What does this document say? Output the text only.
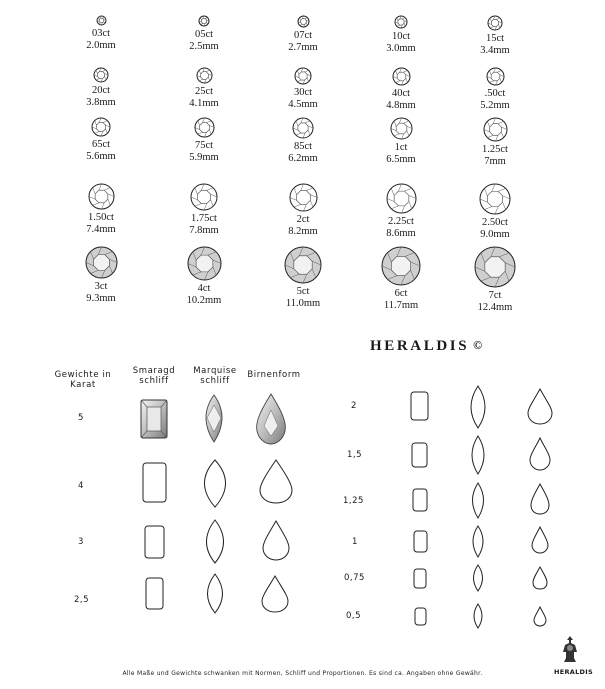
03ct
2.0mm
05ct
2.5mm
07ct
2.7mm
10ct
3.0mm
15ct
3.4mm
20ct
3.8mm
25ct
4.1mm
30ct
4.5mm
40ct
4.8mm
.50ct
5.2mm
65ct
5.6mm
75ct
5.9mm
85ct
6.2mm
1ct
6.5mm
1.25ct
7mm
1.50ct
7.4mm
1.75ct
7.8mm
2ct
8.2mm
2.25ct
8.6mm
2.50ct
9.0mm
3ct
9.3mm
4ct
10.2mm
5ct
11.0mm
6ct
11.7mm
7ct
12.4mm
HERALDIS ©
Gewichte in Karat
Smaragd schliff
Marquise schliff
Birnenform
5
4
3
2,5
2
1,5
1,25
1
0,75
0,5
HERALDIS
Alle Maße und Gewichte schwanken mit Normen, Schliff und Proportionen. Es sind ca. Angaben ohne Gewähr.
